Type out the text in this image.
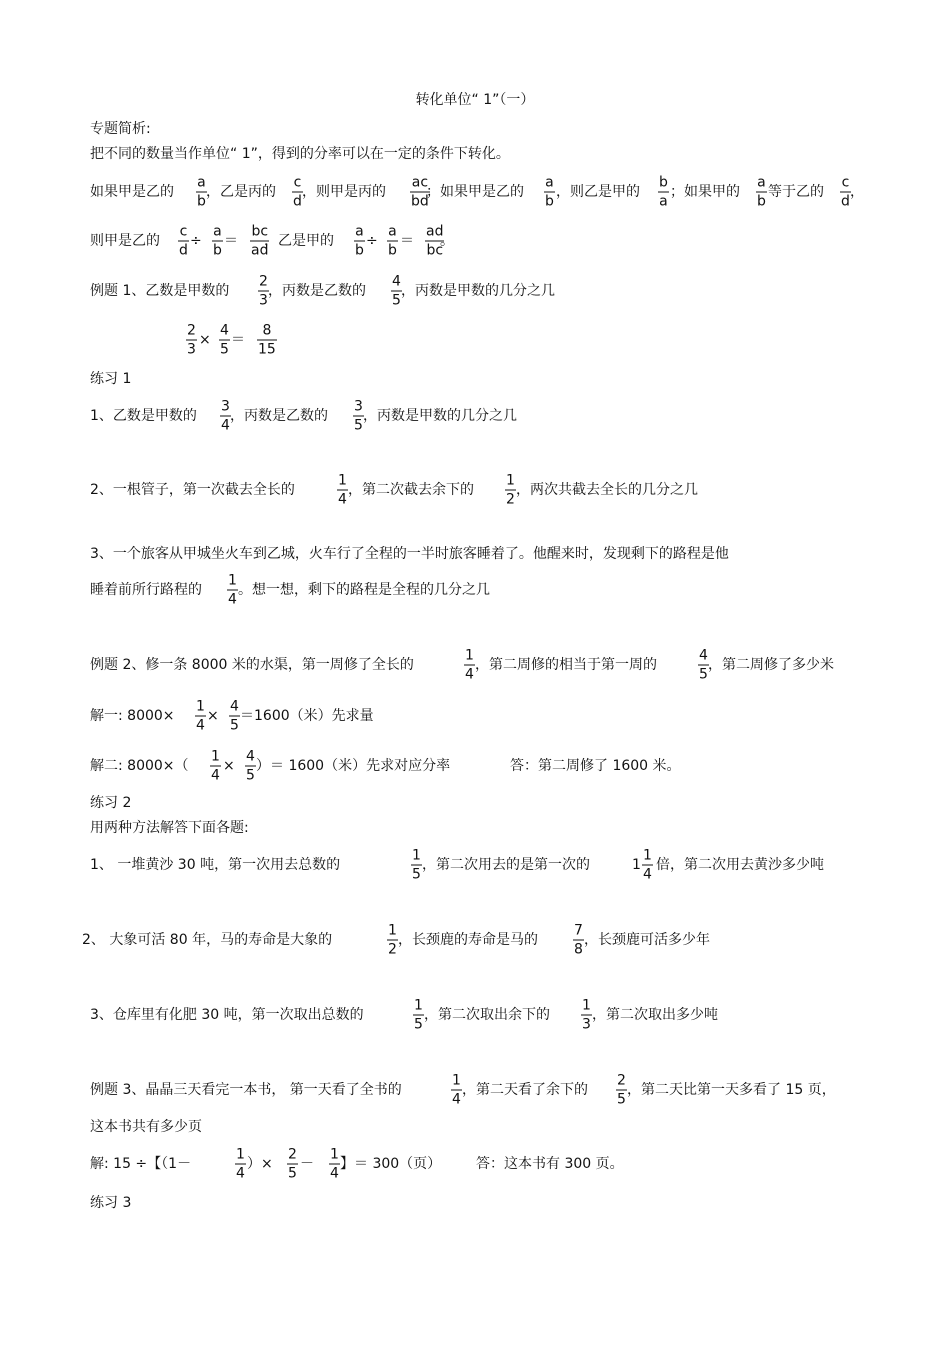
转化单位“ 1”（一）
专题简析:
把不同的数量当作单位“ 1”，得到的分率可以在一定的条件下转化。
如果甲是乙的
a
b
，乙是丙的
c
d
，则甲是丙的
ac
bd
；如果甲是乙的
a
b
，则乙是甲的
b
a
；如果甲的
a
b
等于乙的
c
d
，
则甲是乙的
c
d
÷
a
b
＝
bc
ad
，乙是甲的
a
b
÷
a
b
＝
ad
bc
。
例题 1、乙数是甲数的
2
3
，丙数是乙数的
4
5
，丙数是甲数的几分之几
2
3
×
4
5
＝
8
15
练习 1
1、乙数是甲数的
3
4
，丙数是乙数的
3
5
，丙数是甲数的几分之几
2、一根管子，第一次截去全长的
1
4
，第二次截去余下的
1
2
，两次共截去全长的几分之几
3、一个旅客从甲城坐火车到乙城，火车行了全程的一半时旅客睡着了。他醒来时，发现剩下的路程是他
睡着前所行路程的
1
4
。想一想，剩下的路程是全程的几分之几
例题 2、修一条 8000 米的水渠，第一周修了全长的
1
4
，第二周修的相当于第一周的
4
5
，第二周修了多少米
解一: 8000×
1
4
×
4
5
＝1600（米）先求量
解二: 8000×（
1
4
×
4
5
）＝ 1600（米）先求对应分率	答：第二周修了 1600 米。
练习 2
用两种方法解答下面各题:
1、 一堆黄沙 30 吨，第一次用去总数的
1
5
，第二次用去的是第一次的	1
1
4
倍，第二次用去黄沙多少吨
2、 大象可活 80 年，马的寿命是大象的
1
2
，长颈鹿的寿命是马的
7
8
，长颈鹿可活多少年
3、仓库里有化肥 30 吨，第一次取出总数的
1
5
，第二次取出余下的
1
3
，第二次取出多少吨
例题 3、晶晶三天看完一本书， 第一天看了全书的
1
4
，第二天看了余下的
2
5
，第二天比第一天多看了 15 页，
这本书共有多少页
解: 15 ÷【（1－
1
4
）×
2
5
－
1
4
】＝ 300（页） 答：这本书有 300 页。
练习 3
